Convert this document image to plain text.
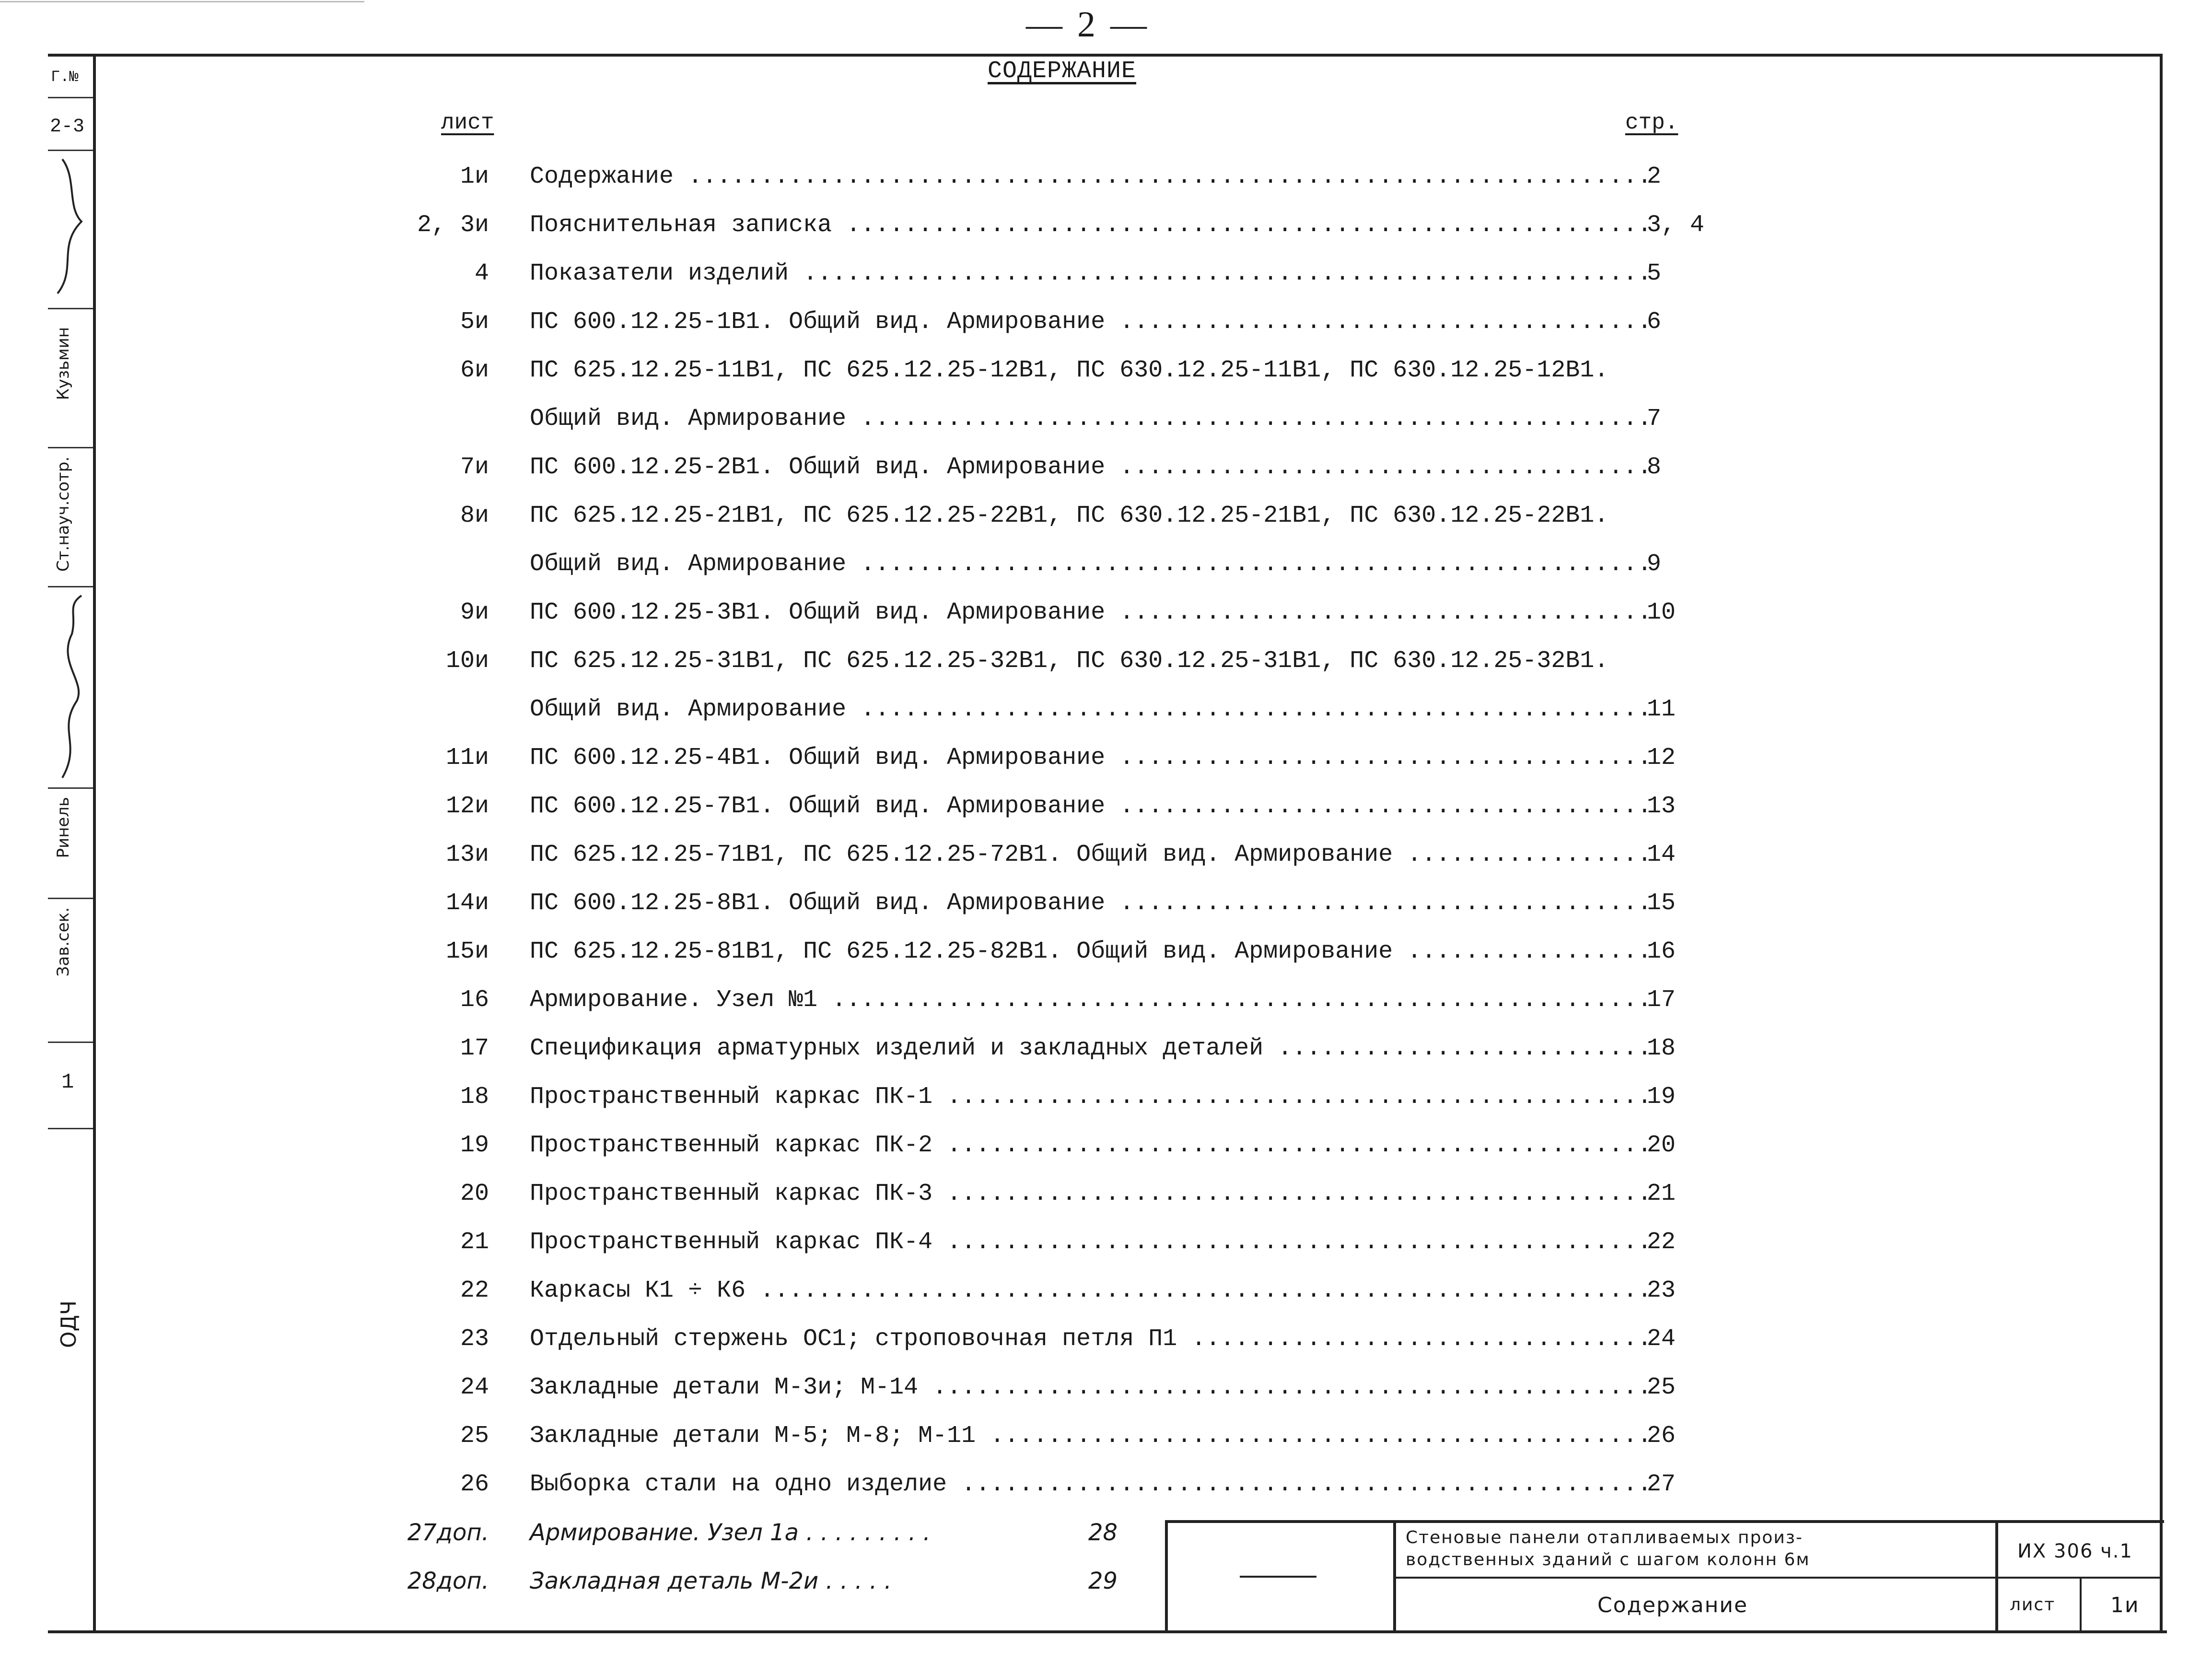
— 2 —
Г.№
2-3
Кузьмин
Ст.науч.сотр.
Ринель
Зав.сек.
1
ОДЧ
СОДЕРЖАНИЕ
лист	стр.
1и Содержание .....	2
2, 3и Пояснительная записка .....	3, 4
4 Показатели изделий .....	5
5и ПС 600.12.25-1В1. Общий вид. Армирование .....	6
6и ПС 625.12.25-11В1, ПС 625.12.25-12В1, ПС 630.12.25-11В1, ПС 630.12.25-12В1.
Общий вид. Армирование .....	7
7и ПС 600.12.25-2В1. Общий вид. Армирование .....	8
8и ПС 625.12.25-21В1, ПС 625.12.25-22В1, ПС 630.12.25-21В1, ПС 630.12.25-22В1.
Общий вид. Армирование .....	9
9и ПС 600.12.25-3В1. Общий вид. Армирование .....	10
10и ПС 625.12.25-31В1, ПС 625.12.25-32В1, ПС 630.12.25-31В1, ПС 630.12.25-32В1.
Общий вид. Армирование .....	11
11и ПС 600.12.25-4В1. Общий вид. Армирование .....	12
12и ПС 600.12.25-7В1. Общий вид. Армирование .....	13
13и ПС 625.12.25-71В1, ПС 625.12.25-72В1. Общий вид. Армирование .....	14
14и ПС 600.12.25-8В1. Общий вид. Армирование .....	15
15и ПС 625.12.25-81В1, ПС 625.12.25-82В1. Общий вид. Армирование .....	16
16 Армирование. Узел №1 .....	17
17 Спецификация арматурных изделий и закладных деталей .....	18
18 Пространственный каркас ПК-1 .....	19
19 Пространственный каркас ПК-2 .....	20
20 Пространственный каркас ПК-3 .....	21
21 Пространственный каркас ПК-4 .....	22
22 Каркасы К1 ÷ К6 .....	23
23 Отдельный стержень ОС1; строповочная петля П1 .....	24
24 Закладные детали М-3и; М-14 .....	25
25 Закладные детали М-5; М-8; М-11 .....	26
26 Выборка стали на одно изделие .....	27
27доп. Армирование. Узел 1а . . . . . . . . .	28
28доп. Закладная деталь М-2и . . . . .	29
Стеновые панели отапливаемых произ-
водственных зданий с шагом колонн 6м	ИХ 306 ч.1
Содержание	лист	1и
